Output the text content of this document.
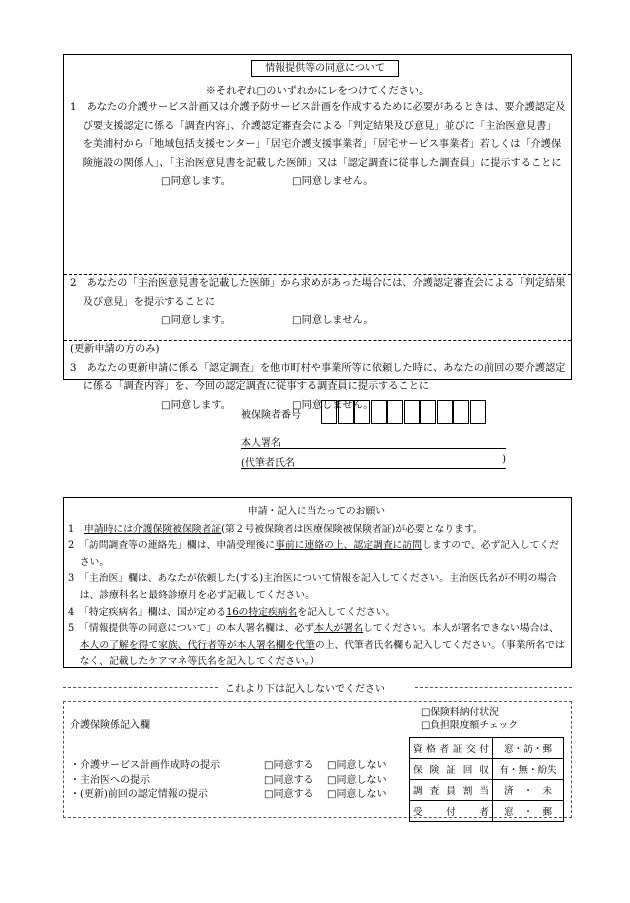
情報提供等の同意について
※それぞれ□のいずれかにレをつけてください。
1　あなたの介護サービス計画又は介護予防サービス計画を作成するために必要があるときは、要介護認定及び要支援認定に係る「調査内容」、介護認定審査会による「判定結果及び意見」並びに「主治医意見書」を美浦村から「地域包括支援センター」「居宅介護支援事業者」「居宅サービス事業者」若しくは「介護保険施設の関係人」、「主治医意見書を記載した医師」又は「認定調査に従事した調査員」に提示することに
□同意します。	□同意しません。
2　あなたの「主治医意見書を記載した医師」から求めがあった場合には、介護認定審査会による「判定結果及び意見」を提示することに
□同意します。	□同意しません。
(更新申請の方のみ)
3　あなたの更新申請に係る「認定調査」を他市町村や事業所等に依頼した時に、あなたの前回の要介護認定に係る「調査内容」を、今回の認定調査に従事する調査員に提示することに
□同意します。	□同意しません。
被保険者番号
本人署名
(代筆者氏名	)
申請・記入に当たってのお願い
1　 申請時には介護保険被保険者証(第２号被保険者は医療保険被保険者証)が必要となります。
2　 「訪問調査等の連絡先」欄は、申請受理後に事前に連絡の上、認定調査に訪問しますので、必ず記入してください。
3　 「主治医」欄は、あなたが依頼した(する)主治医について情報を記入してください。主治医氏名が不明の場合は、診療科名と最終診療月を必ず記載してください。
4　 「特定疾病名」欄は、国が定める16の特定疾病名を記入してください。
5　 「情報提供等の同意について」の本人署名欄は、必ず本人が署名してください。本人が署名できない場合は、本人の了解を得て家族、代行者等が本人署名欄を代筆の上、代筆者氏名欄も記入してください。（事業所名ではなく、記載したケアマネ等氏名を記入してください。）
これより下は記入しないでください
介護保険係記入欄
□保険料納付状況
□負担限度額チェック
・介護サービス計画作成時の提示	□同意する □同意しない
・主治医への提示	□同意する □同意しない
・(更新)前回の認定情報の提示	□同意する □同意しない
資格者証交付	窓・訪・郵
保険証回収	有・無・紛失
調査員割当	済　・　未
受付者	窓　・　郵
